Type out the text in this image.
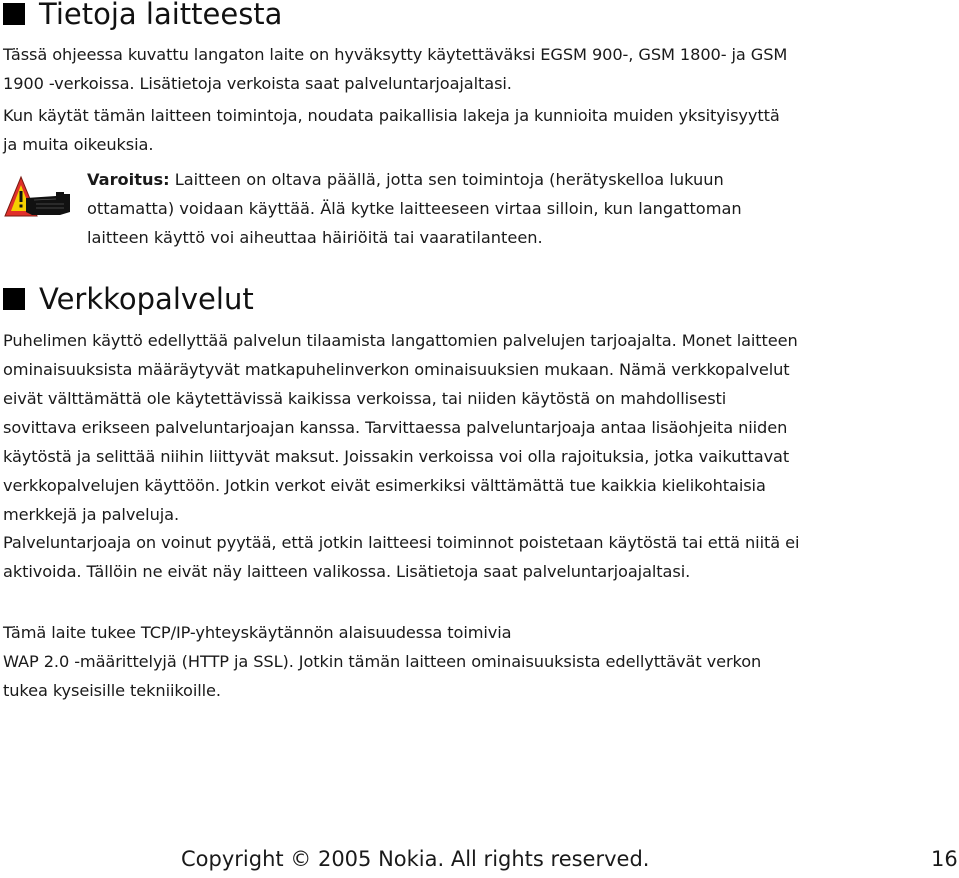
Tietoja laitteesta

Tässä ohjeessa kuvattu langaton laite on hyväksytty käytettäväksi EGSM 900-, GSM 1800- ja GSM 1900 -verkoissa. Lisätietoja verkoista saat palveluntarjoajaltasi.

Kun käytät tämän laitteen toimintoja, noudata paikallisia lakeja ja kunnioita muiden yksityisyyttä ja muita oikeuksia.

Varoitus: Laitteen on oltava päällä, jotta sen toimintoja (herätyskelloa lukuun ottamatta) voidaan käyttää. Älä kytke laitteeseen virtaa silloin, kun langattoman laitteen käyttö voi aiheuttaa häiriöitä tai vaaratilanteen.

Verkkopalvelut

Puhelimen käyttö edellyttää palvelun tilaamista langattomien palvelujen tarjoajalta. Monet laitteen ominaisuuksista määräytyvät matkapuhelinverkon ominaisuuksien mukaan. Nämä verkkopalvelut eivät välttämättä ole käytettävissä kaikissa verkoissa, tai niiden käytöstä on mahdollisesti sovittava erikseen palveluntarjoajan kanssa. Tarvittaessa palveluntarjoaja antaa lisäohjeita niiden käytöstä ja selittää niihin liittyvät maksut. Joissakin verkoissa voi olla rajoituksia, jotka vaikuttavat verkkopalvelujen käyttöön. Jotkin verkot eivät esimerkiksi välttämättä tue kaikkia kielikohtaisia merkkejä ja palveluja.

Palveluntarjoaja on voinut pyytää, että jotkin laitteesi toiminnot poistetaan käytöstä tai että niitä ei aktivoida. Tällöin ne eivät näy laitteen valikossa. Lisätietoja saat palveluntarjoajaltasi.

Tämä laite tukee TCP/IP-yhteyskäytännön alaisuudessa toimivia
WAP 2.0 -määrittelyjä (HTTP ja SSL). Jotkin tämän laitteen ominaisuuksista edellyttävät verkon tukea kyseisille tekniikoille.

Copyright © 2005 Nokia. All rights reserved.	16
